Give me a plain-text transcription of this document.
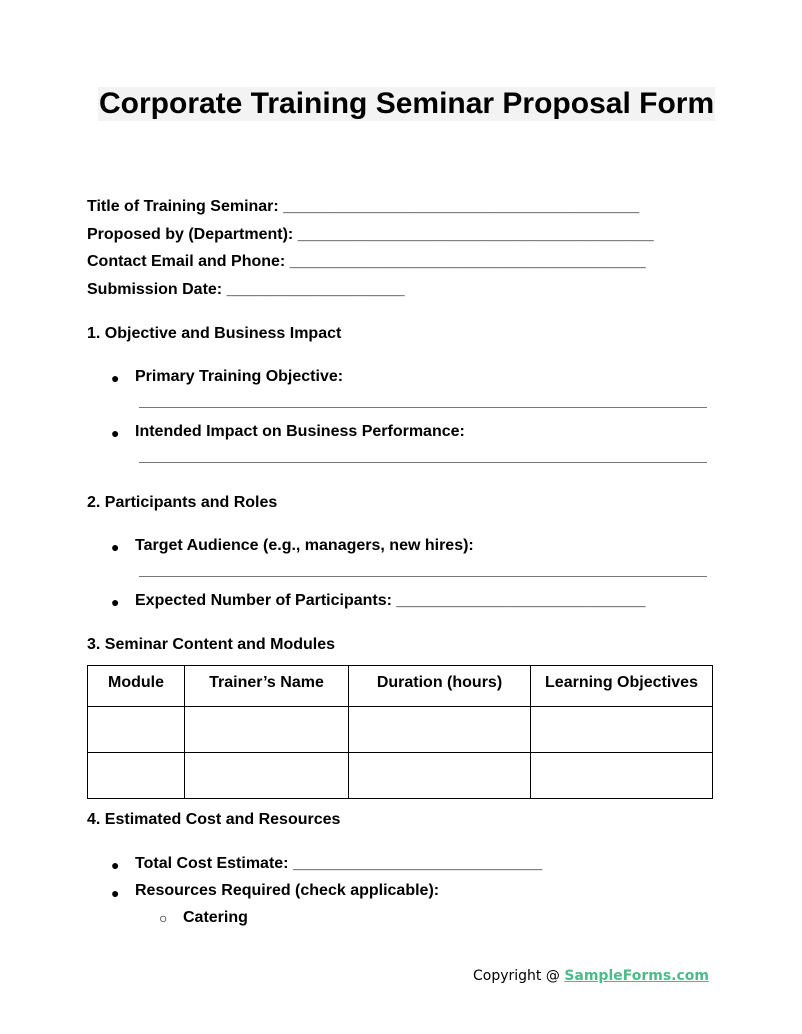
Corporate Training Seminar Proposal Form
Title of Training Seminar: ________________________________________
Proposed by (Department): ________________________________________
Contact Email and Phone: ________________________________________
Submission Date: ____________________
1. Objective and Business Impact
● Primary Training Objective:
● Intended Impact on Business Performance:
2. Participants and Roles
● Target Audience (e.g., managers, new hires):
● Expected Number of Participants: ____________________________
3. Seminar Content and Modules
Module	Trainer’s Name	Duration (hours)	Learning Objectives

4. Estimated Cost and Resources
● Total Cost Estimate: ____________________________
● Resources Required (check applicable):
○ Catering
Copyright @ SampleForms.com
